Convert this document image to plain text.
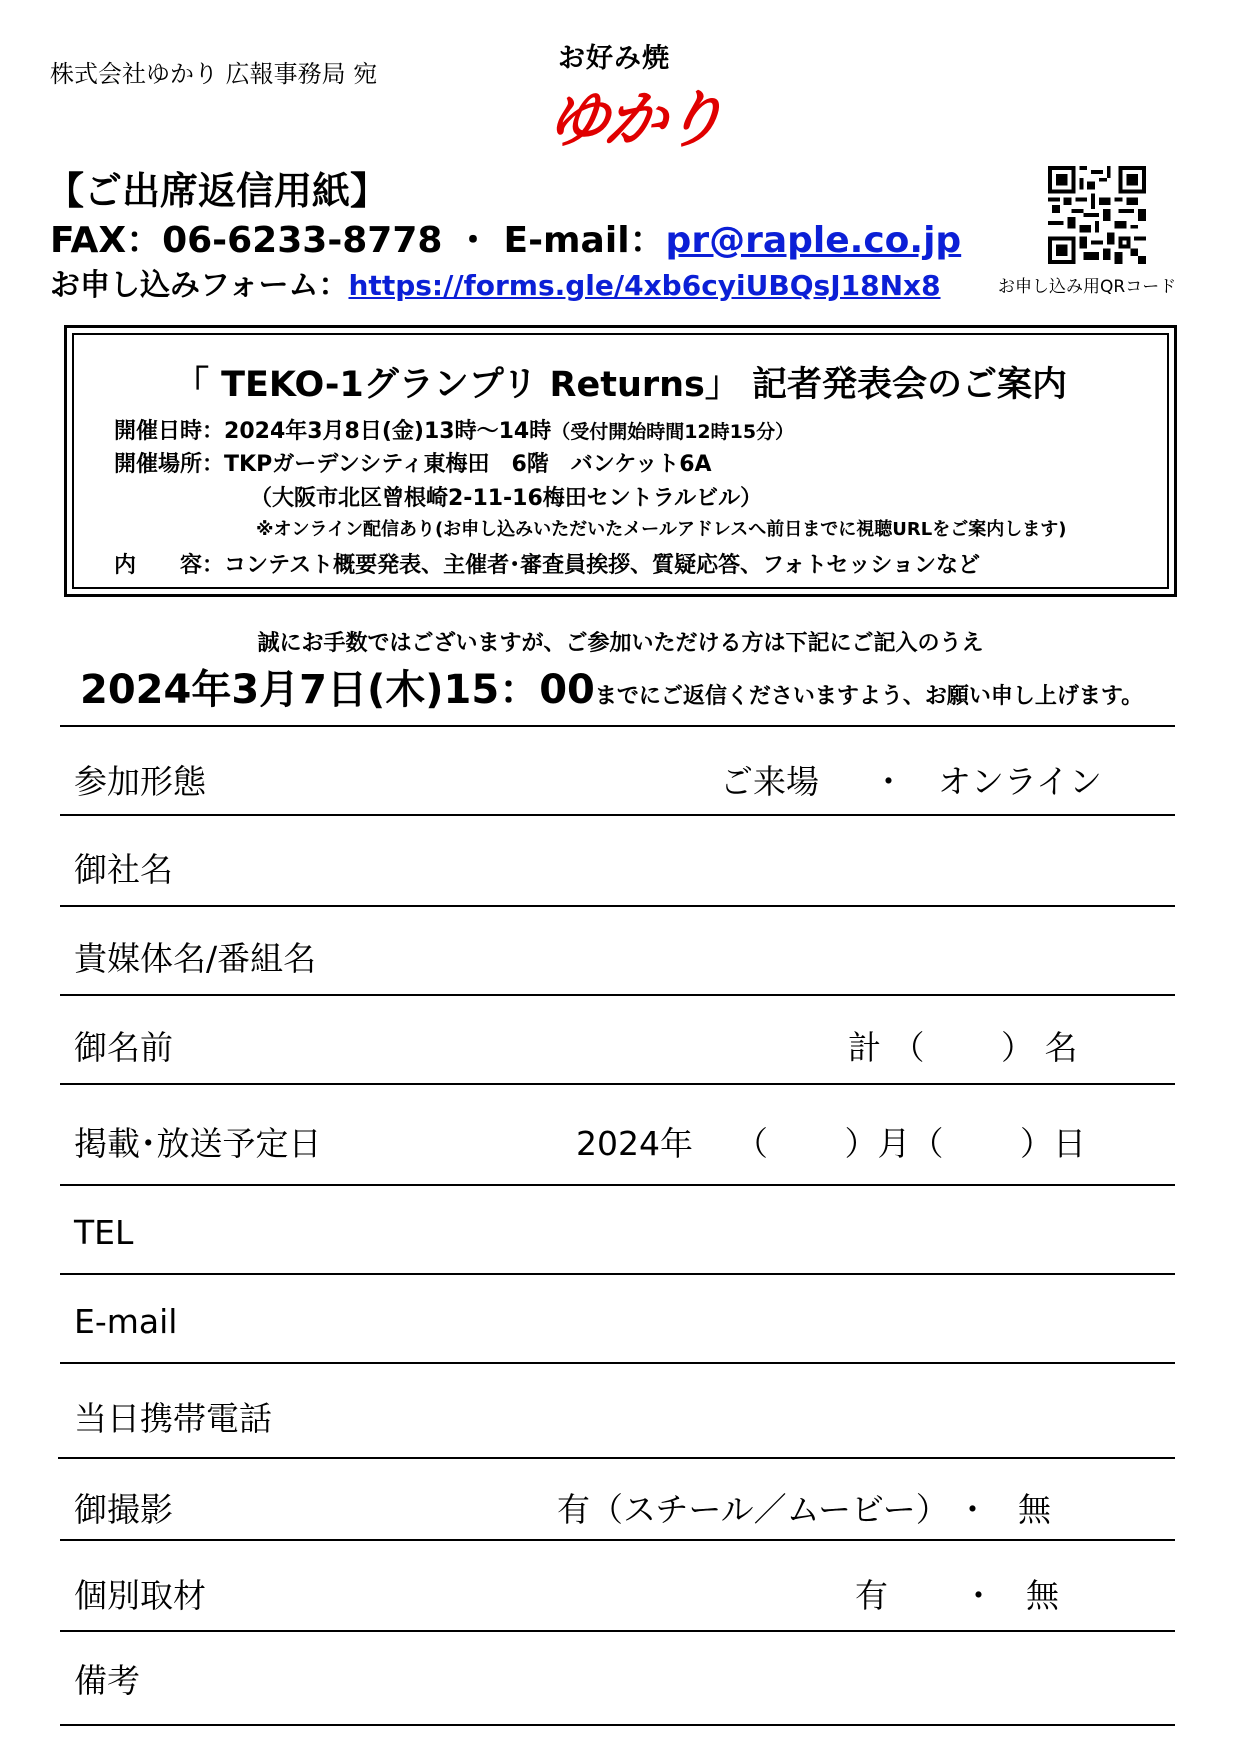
株式会社ゆかり 広報事務局 宛	お好み焼
ゆかり
【ご出席返信用紙】
FAX：06-6233-8778 ・ E-mail：pr@raple.co.jp
お申し込みフォーム：https://forms.gle/4xb6cyiUBQsJ18Nx8	お申し込み用QRコード
「 TEKO-1グランプリ Returns」 記者発表会のご案内
開催日時：2024年3月8日(金)13時～14時（受付開始時間12時15分）
開催場所：TKPガーデンシティ東梅田　6階　バンケット6A
（大阪市北区曾根崎2-11-16梅田セントラルビル）
※オンライン配信あり(お申し込みいただいたメールアドレスへ前日までに視聴URLをご案内します)
内　　容：コンテスト概要発表、主催者･審査員挨拶、質疑応答、フォトセッションなど
誠にお手数ではございますが、ご参加いただける方は下記にご記入のうえ
2024年3月7日(木)15：00までにご返信くださいますよう、お願い申し上げます。
参加形態	ご来場 ・ オンライン
御社名
貴媒体名/番組名
御名前	計 （　　 ） 名
掲載･放送予定日	2024年 （　　 ）月（　　 ）日
TEL
E-mail
当日携帯電話
御撮影	有（スチール／ムービー） ・ 無
個別取材	有 ・ 無
備考
